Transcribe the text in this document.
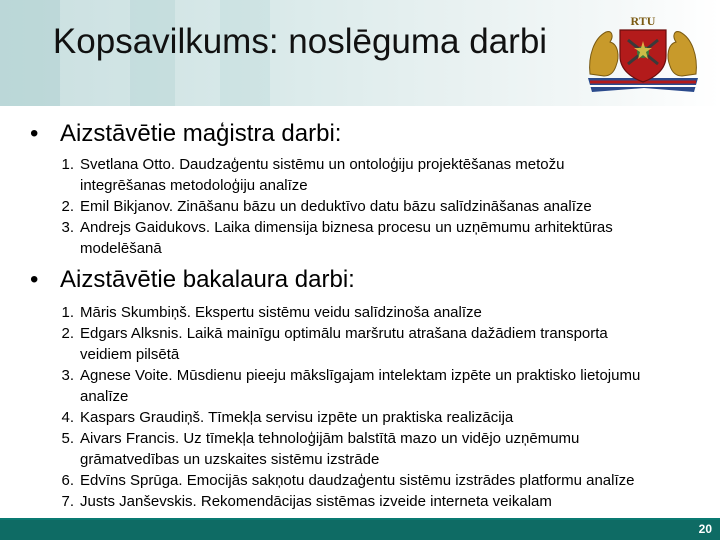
Kopsavilkums: noslēguma darbi
RTU
• Aizstāvētie maģistra darbi:
1. Svetlana Otto. Daudzaģentu sistēmu un ontoloģiju projektēšanas metožu
integrēšanas metodoloģiju analīze
2. Emil Bikjanov. Zināšanu bāzu un deduktīvo datu bāzu salīdzināšanas analīze
3. Andrejs Gaidukovs. Laika dimensija biznesa procesu un uzņēmumu arhitektūras
modelēšanā
• Aizstāvētie bakalaura darbi:
1. Māris Skumbiņš. Ekspertu sistēmu veidu salīdzinoša analīze
2. Edgars Alksnis. Laikā mainīgu optimālu maršrutu atrašana dažādiem transporta
veidiem pilsētā
3. Agnese Voite. Mūsdienu pieeju mākslīgajam intelektam izpēte un praktisko lietojumu
analīze
4. Kaspars Graudiņš. Tīmekļa servisu izpēte un praktiska realizācija
5. Aivars Francis. Uz tīmekļa tehnoloģijām balstītā mazo un vidējo uzņēmumu
grāmatvedības un uzskaites sistēmu izstrāde
6. Edvīns Sprūga. Emocijās sakņotu daudzaģentu sistēmu izstrādes platformu analīze
7. Justs Janševskis. Rekomendācijas sistēmas izveide interneta veikalam
20
